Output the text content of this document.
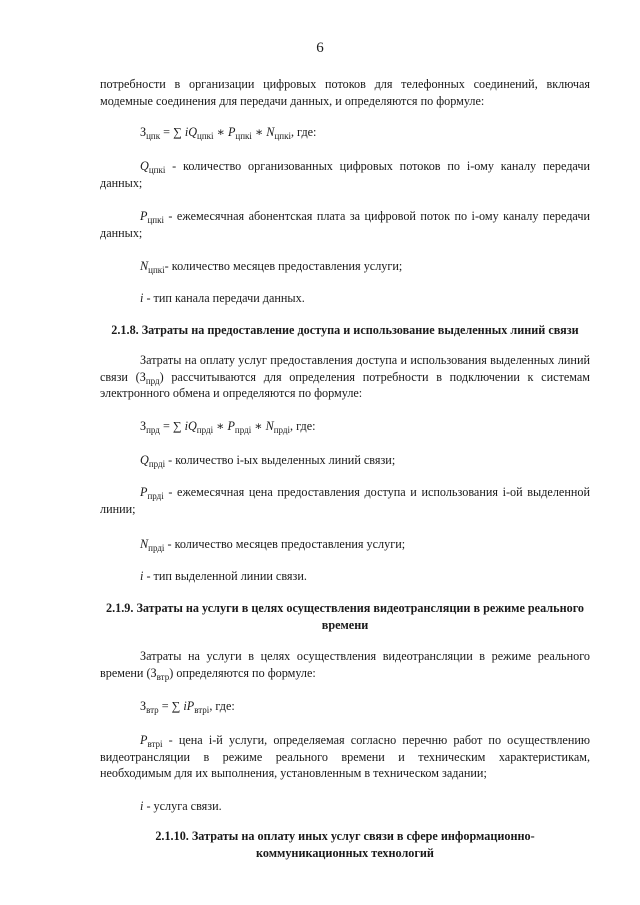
6
потребности в организации цифровых потоков для телефонных соединений, включая модемные соединения для передачи данных, и определяются по формуле:
$З_{цпк}$ = ∑ $iQ_{цпкi}$ ∗ $P_{цпкi}$ ∗ $N_{цпкi}$, где:
$Q_{цпкi}$ - количество организованных цифровых потоков по i-ому каналу передачи данных;
$P_{цпкi}$ - ежемесячная абонентская плата за цифровой поток по i-ому каналу передачи данных;
$N_{цпкi}-$ количество месяцев предоставления услуги;
i - тип канала передачи данных.
2.1.8. Затраты на предоставление доступа и использование выделенных линий связи
Затраты на оплату услуг предоставления доступа и использования выделенных линий связи $(З_{прд})$ рассчитываются для определения потребности в подключении к системам электронного обмена и определяются по формуле:
$З_{прд}$ = ∑ $iQ_{прдi}$ ∗ $P_{прдi}$ ∗ $N_{прдi}$, где:
$Q_{прдi}$ - количество i-ых выделенных линий связи;
$P_{прдi}$ - ежемесячная цена предоставления доступа и использования i-ой выделенной линии;
$N_{прдi}$ - количество месяцев предоставления услуги;
i - тип выделенной линии связи.
2.1.9. Затраты на услуги в целях осуществления видеотрансляции в режиме реального времени
Затраты на услуги в целях осуществления видеотрансляции в режиме реального времени $(З_{втр})$ определяются по формуле:
$З_{втр}$ = ∑ $iP_{втрi}$, где:
$P_{втрi}$ - цена i-й услуги, определяемая согласно перечню работ по осуществлению видеотрансляции в режиме реального времени и техническим характеристикам, необходимым для их выполнения, установленным в техническом задании;
i - услуга связи.
2.1.10. Затраты на оплату иных услуг связи в сфере информационно-коммуникационных технологий
